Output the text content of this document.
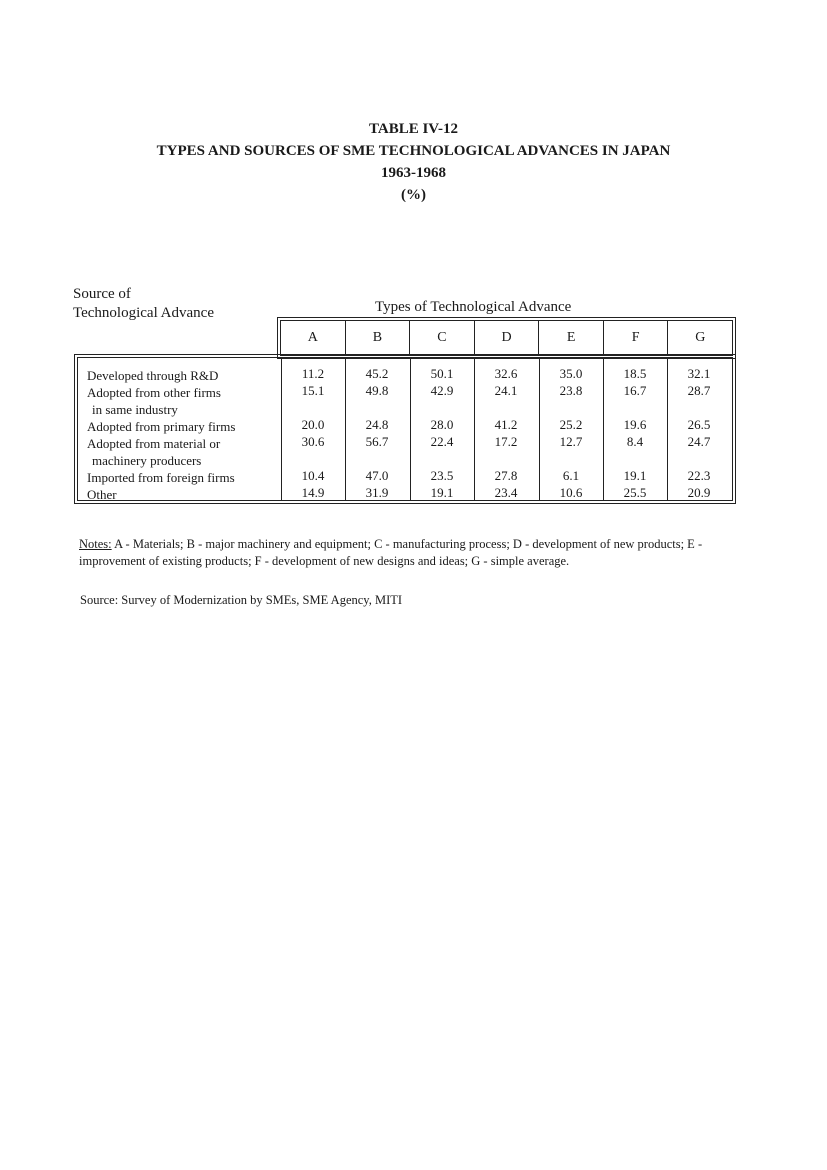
TABLE IV-12

TYPES AND SOURCES OF SME TECHNOLOGICAL ADVANCES IN JAPAN

1963-1968

(%)

Source of
Technological Advance	Types of Technological Advance
A	B	C	D	E	F	G
Developed through R&D	11.2	45.2	50.1	32.6	35.0	18.5	32.1
Adopted from other firms
in same industry
15.1	49.8	42.9	24.1	23.8	16.7	28.7
Adopted from primary firms	20.0	24.8	28.0	41.2	25.2	19.6	26.5
Adopted from material or
machinery producers
30.6	56.7	22.4	17.2	12.7	8.4	24.7
Imported from foreign firms	10.4	47.0	23.5	27.8	6.1	19.1	22.3
Other	14.9	31.9	19.1	23.4	10.6	25.5	20.9
Notes: A - Materials; B - major machinery and equipment; C - manufacturing process; D - development of new products; E - improvement of existing products; F - development of new designs and ideas; G - simple average.
Source: Survey of Modernization by SMEs, SME Agency, MITI
